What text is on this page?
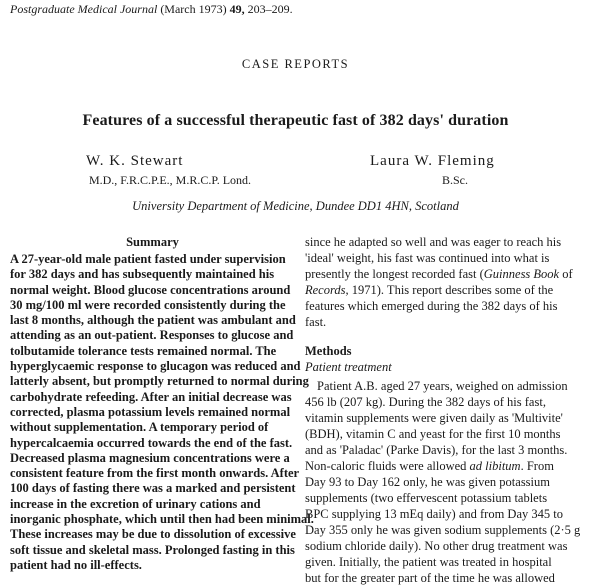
Postgraduate Medical Journal (March 1973) 49, 203–209.
CASE REPORTS
Features of a successful therapeutic fast of 382 days' duration
W. K. Stewart
M.D., F.R.C.P.E., M.R.C.P. Lond.
Laura W. Fleming
B.Sc.
University Department of Medicine, Dundee DD1 4HN, Scotland
Summary
A 27-year-old male patient fasted under supervision
for 382 days and has subsequently maintained his
normal weight. Blood glucose concentrations around
30 mg/100 ml were recorded consistently during the
last 8 months, although the patient was ambulant and
attending as an out-patient. Responses to glucose and
tolbutamide tolerance tests remained normal. The
hyperglycaemic response to glucagon was reduced and
latterly absent, but promptly returned to normal during
carbohydrate refeeding. After an initial decrease was
corrected, plasma potassium levels remained normal
without supplementation. A temporary period of
hypercalcaemia occurred towards the end of the fast.
Decreased plasma magnesium concentrations were a
consistent feature from the first month onwards. After
100 days of fasting there was a marked and persistent
increase in the excretion of urinary cations and
inorganic phosphate, which until then had been minimal.
These increases may be due to dissolution of excessive
soft tissue and skeletal mass. Prolonged fasting in this
patient had no ill-effects.
since he adapted so well and was eager to reach his
'ideal' weight, his fast was continued into what is
presently the longest recorded fast (Guinness Book of
Records, 1971). This report describes some of the
features which emerged during the 382 days of his
fast.
Methods
Patient treatment
Patient A.B. aged 27 years, weighed on admission
456 lb (207 kg). During the 382 days of his fast,
vitamin supplements were given daily as 'Multivite'
(BDH), vitamin C and yeast for the first 10 months
and as 'Paladac' (Parke Davis), for the last 3 months.
Non-caloric fluids were allowed ad libitum. From
Day 93 to Day 162 only, he was given potassium
supplements (two effervescent potassium tablets
BPC supplying 13 mEq daily) and from Day 345 to
Day 355 only he was given sodium supplements (2·5 g
sodium chloride daily). No other drug treatment was
given. Initially, the patient was treated in hospital
but for the greater part of the time he was allowed
